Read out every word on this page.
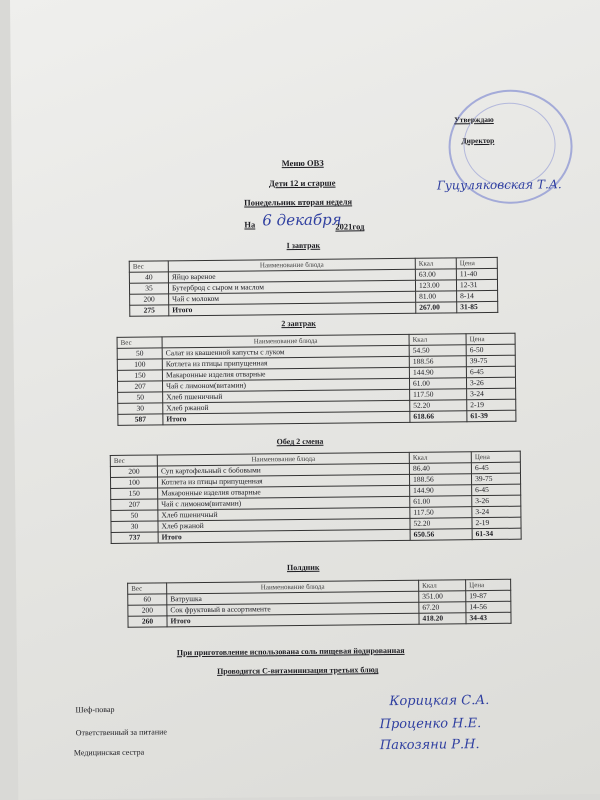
Утверждаю
Директор
Гуцуляковская Т.А.
Меню ОВЗ
Дети 12 и старше
Понедельник вторая неделя
На 6 декабря
2021год
I завтрак
Вес	Наименование блюда	Ккал	Цена
40	Яйцо вареное	63.00	11-40
35	Бутерброд с сыром и маслом	123.00	12-31
200	Чай с молоком	81.00	8-14
275	Итого	267.00	31-85
2 завтрак
Вес	Наименование блюда	Ккал	Цена
50	Салат из квашенной капусты с луком	54.50	6-50
100	Котлета из птицы припущенная	188.56	39-75
150	Макаронные изделия отварные	144.90	6-45
207	Чай с лимоном(витамин)	61.00	3-26
50	Хлеб пшеничный	117.50	3-24
30	Хлеб ржаной	52.20	2-19
587	Итого	618.66	61-39
Обед 2 смена
Вес	Наименование блюда	Ккал	Цена
200	Суп картофельный с бобовыми	86.40	6-45
100	Котлета из птицы припущенная	188.56	39-75
150	Макаронные изделия отварные	144.90	6-45
207	Чай с лимоном(витамин)	61.00	3-26
50	Хлеб пшеничный	117.50	3-24
30	Хлеб ржаной	52.20	2-19
737	Итого	650.56	61-34
Полдник
Вес	Наименование блюда	Ккал	Цена
60	Ватрушка	351.00	19-87
200	Сок фруктовый в ассортименте	67.20	14-56
260	Итого	418.20	34-43
При приготовление использована соль пищевая йодированная
Проводится С-витаминизация третьих блюд
Шеф-повар
Корицкая С.А.
Ответственный за питание
Проценко Н.Е.
Медицинская сестра	Пакозяни Р.Н.
